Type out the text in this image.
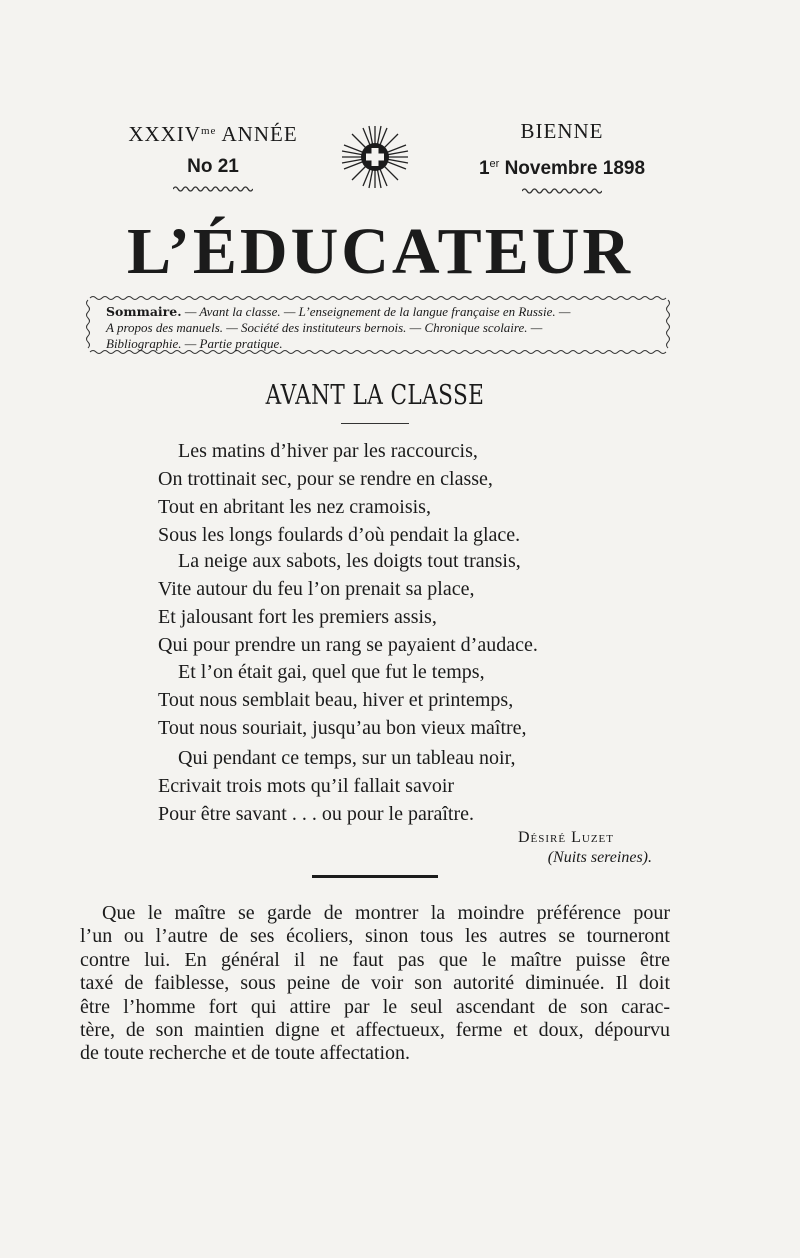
$XXXIV^{me}$ ANNÉE
No 21
BIENNE
1er Novembre 1898
L’ÉDUCATEUR
Sommaire. — Avant la classe. — L’enseignement de la langue française en Russie. —
A propos des manuels. — Société des instituteurs bernois. — Chronique scolaire. —
Bibliographie. — Partie pratique.
AVANT LA CLASSE
Les matins d’hiver par les raccourcis,
On trottinait sec, pour se rendre en classe,
Tout en abritant les nez cramoisis,
Sous les longs foulards d’où pendait la glace.
La neige aux sabots, les doigts tout transis,
Vite autour du feu l’on prenait sa place,
Et jalousant fort les premiers assis,
Qui pour prendre un rang se payaient d’audace.
Et l’on était gai, quel que fut le temps,
Tout nous semblait beau, hiver et printemps,
Tout nous souriait, jusqu’au bon vieux maître,
Qui pendant ce temps, sur un tableau noir,
Ecrivait trois mots qu’il fallait savoir
Pour être savant . . . ou pour le paraître.
Désiré Luzet
(Nuits sereines).
Que le maître se garde de montrer la moindre préférence pour
l’un ou l’autre de ses écoliers, sinon tous les autres se tourneront
contre lui. En général il ne faut pas que le maître puisse être
taxé de faiblesse, sous peine de voir son autorité diminuée. Il doit
être l’homme fort qui attire par le seul ascendant de son carac-
tère, de son maintien digne et affectueux, ferme et doux, dépourvu
de toute recherche et de toute affectation.
